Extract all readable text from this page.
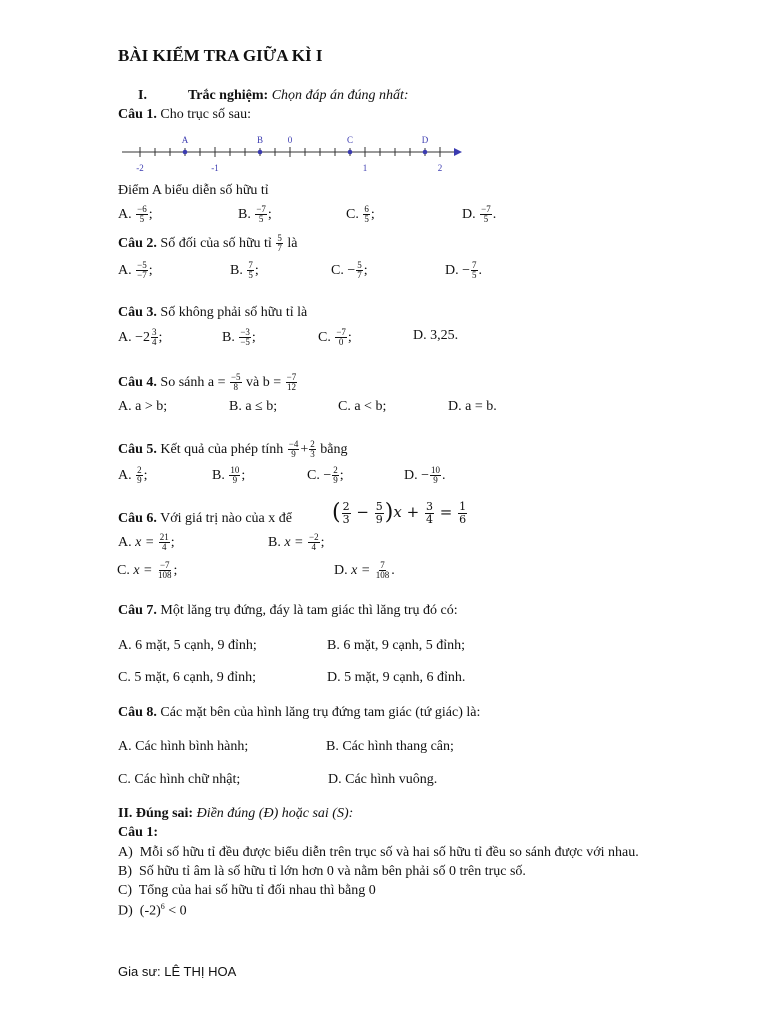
BÀI KIỂM TRA GIỮA KÌ I
I.	Trắc nghiệm: Chọn đáp án đúng nhất:
Câu 1. Cho trục số sau:
A	B	0	C	D
-2	-1	1	2
Điểm A biểu diễn số hữu tỉ
A. $\frac{-6}{5}$ ;	B. $\frac{-7}{5}$ ;	C. $\frac{6}{5}$ ;	D. $\frac{-7}{5}$ .
Câu 2. Số đối của số hữu tỉ $\frac{5}{7}$ là
A. $\frac{-5}{-7}$ ;	B. $\frac{7}{5}$ ;	C. − $\frac{5}{7}$ ;	D. − $\frac{7}{5}$ .
Câu 3. Số không phải số hữu tỉ là
A. $-2 \frac{3}{4}$ ;	B. $\frac{-3}{-5}$ ;	C. $\frac{-7}{0}$ ;	D. 3,25.
Câu 4. So sánh $a = \frac{-5}{8}$ và $b = \frac{-7}{12}$
A. a > b;	B. a ≤ b;	C. a < b;	D. a = b.
Câu 5. Kết quả của phép tính $\frac{-4}{9} + \frac{2}{3}$ bằng
A. $\frac{2}{9}$ ;	B. $\frac{10}{9}$ ;	C. − $\frac{2}{9}$ ;	D. − $\frac{10}{9}$ .
Câu 6. Với giá trị nào của x để ( $\frac{2}{3} - \frac{5}{9} )x + \frac{3}{4} = \frac{1}{6}$
A. $x = \frac{21}{4}$ ;	B. $x = \frac{-2}{4}$ ;
C. $x = \frac{-7}{108}$ ;	D. $x = \frac{7}{108}$ .
Câu 7. Một lăng trụ đứng, đáy là tam giác thì lăng trụ đó có:
A. 6 mặt, 5 cạnh, 9 đỉnh;	B. 6 mặt, 9 cạnh, 5 đỉnh;
C. 5 mặt, 6 cạnh, 9 đỉnh;	D. 5 mặt, 9 cạnh, 6 đỉnh.
Câu 8. Các mặt bên của hình lăng trụ đứng tam giác (tứ giác) là:
A. Các hình bình hành;	B. Các hình thang cân;
C. Các hình chữ nhật;	D. Các hình vuông.
II. Đúng sai: Điền đúng (Đ) hoặc sai (S):
Câu 1:
A) Mỗi số hữu tỉ đều được biểu diễn trên trục số và hai số hữu tỉ đều so sánh được với nhau.
B) Số hữu tỉ âm là số hữu tỉ lớn hơn 0 và nằm bên phải số 0 trên trục số.
C) Tổng của hai số hữu tỉ đối nhau thì bằng 0
D) $(-2)^6 < 0$
Gia sư: LÊ THỊ HOA
